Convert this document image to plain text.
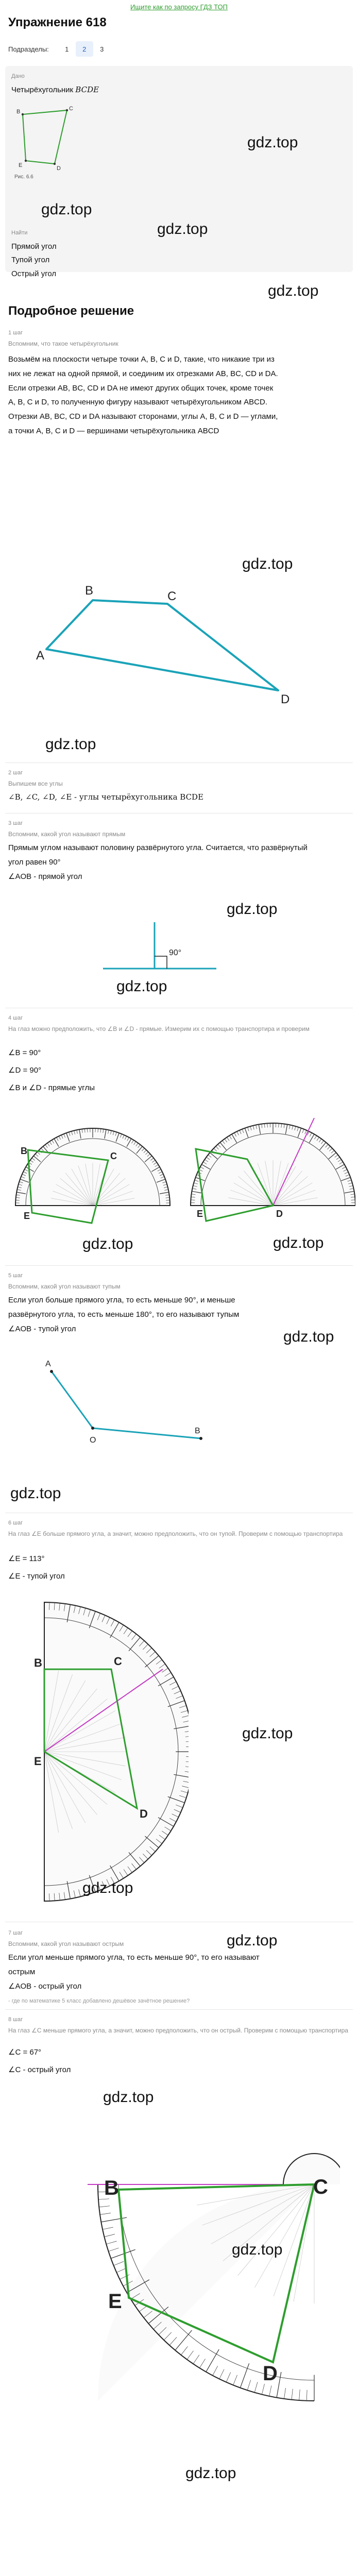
Ищите как по запросу ГДЗ ТОП
Упражнение 618
Подразделы:	1	2	3
Дано
Четырёхугольник BCDE
B	C
D
E
Рис. 6.6
gdz.top
gdz.top
Найти
Прямой угол
Тупой угол
Острый угол
gdz.top
gdz.top
Подробное решение
1 шаг
Вспомним, что такое четырёхугольник
Возьмём на плоскости четыре точки A, B, C и D, такие, что никакие три из
них не лежат на одной прямой, и соединим их отрезками AB, BC, CD и DA.
Если отрезки AB, BC, CD и DA не имеют других общих точек, кроме точек
A, B, C и D, то полученную фигуру называют четырёхугольником ABCD.
Отрезки AB, BC, CD и DA называют сторонами, углы A, B, C и D — углами,
а точки A, B, C и D — вершинами четырёхугольника ABCD
gdz.top
A
B	C
D
gdz.top
2 шаг
Выпишем все углы
∠B, ∠C, ∠D, ∠E - углы четырёхугольника BCDE
3 шаг
Вспомним, какой угол называют прямым
Прямым углом называют половину развёрнутого угла. Считается, что развёрнутый
угол равен 90°
∠AOB - прямой угол
gdz.top
90°
gdz.top
4 шаг
На глаз можно предположить, что ∠B и ∠D - прямые. Измерим их с помощью транспортира и проверим
∠B = 90°
∠D = 90°
∠B и ∠D - прямые углы
B	C
E	E	D
gdz.top	gdz.top
5 шаг
Вспомним, какой угол называют тупым
Если угол больше прямого угла, то есть меньше 90°, и меньше
развёрнутого угла, то есть меньше 180°, то его называют тупым
∠AOB - тупой угол	gdz.top
A
O
B
gdz.top
6 шаг
На глаз ∠E больше прямого угла, а значит, можно предположить, что он тупой. Проверим с помощью транспортира
∠E = 113°
∠E - тупой угол
B	C
E
D
gdz.top
gdz.top
7 шаг
Вспомним, какой угол называют острым
Если угол меньше прямого угла, то есть меньше 90°, то его называют
острым
∠AOB - острый угол
gdz.top
- где по математике 5 класс добавлено дешёвое зачётное решение?
8 шаг
На глаз ∠C меньше прямого угла, а значит, можно предположить, что он острый. Проверим с помощью транспортира
∠C = 67°
∠C - острый угол
gdz.top
B	C
E
D
gdz.top
gdz.top
